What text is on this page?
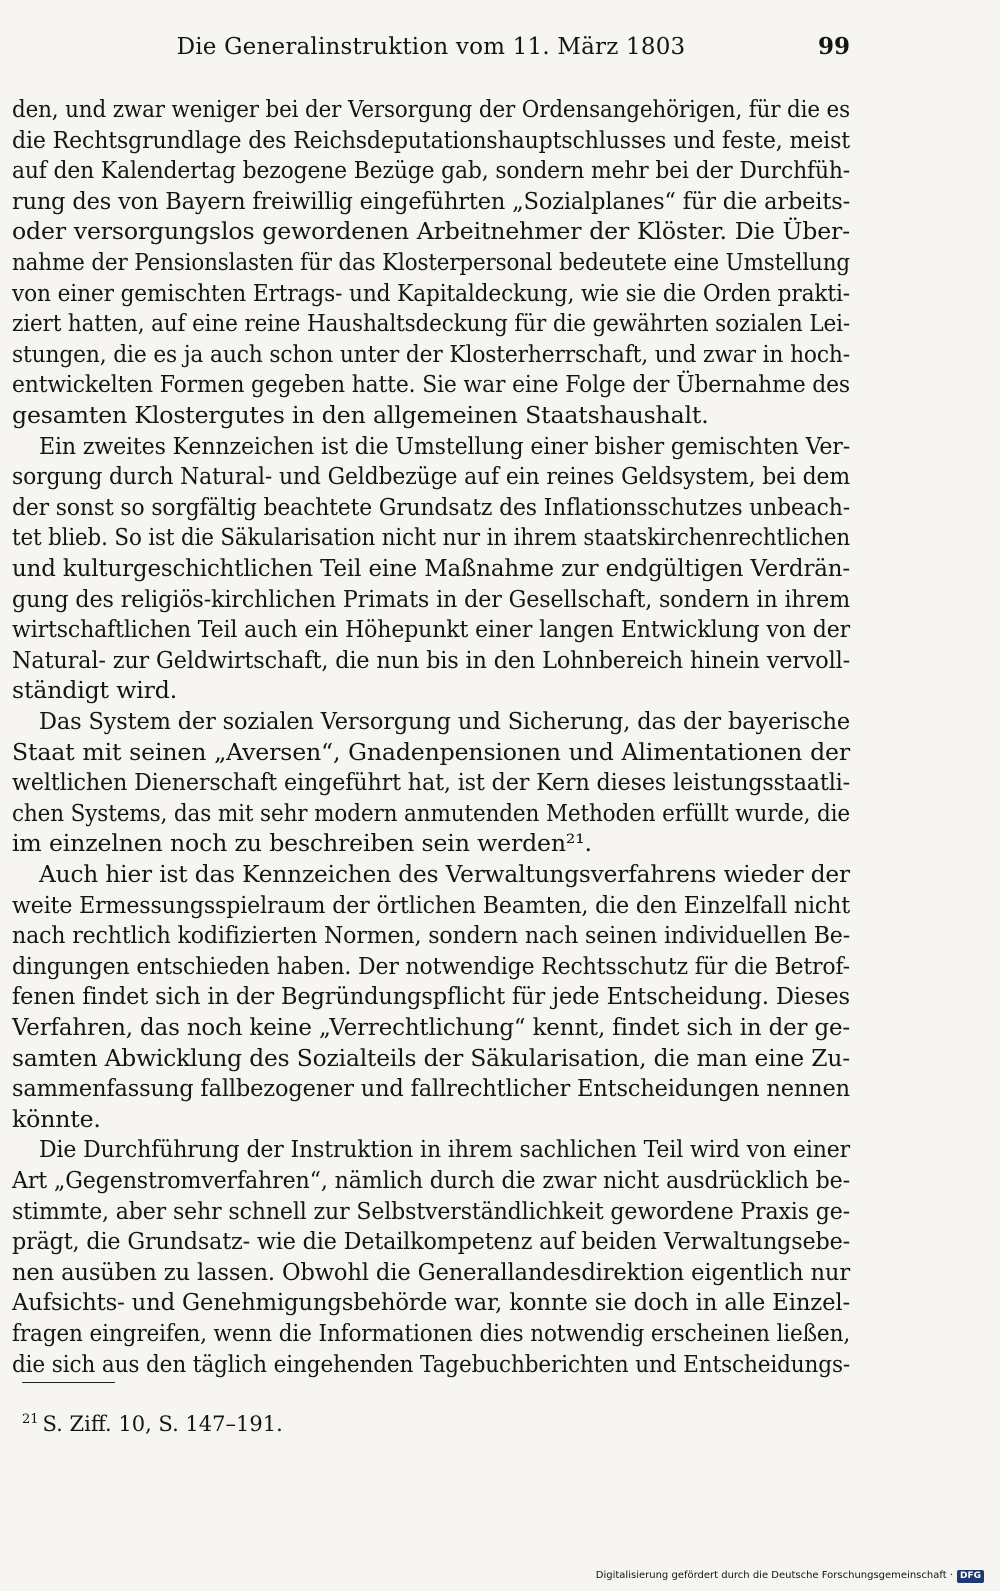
Die Generalinstruktion vom 11. März 1803	99
den, und zwar weniger bei der Versorgung der Ordensangehörigen, für die es
die Rechtsgrundlage des Reichsdeputationshauptschlusses und feste, meist
auf den Kalendertag bezogene Bezüge gab, sondern mehr bei der Durchfüh-
rung des von Bayern freiwillig eingeführten „Sozialplanes“ für die arbeits-
oder versorgungslos gewordenen Arbeitnehmer der Klöster. Die Über-
nahme der Pensionslasten für das Klosterpersonal bedeutete eine Umstellung
von einer gemischten Ertrags- und Kapitaldeckung, wie sie die Orden prakti-
ziert hatten, auf eine reine Haushaltsdeckung für die gewährten sozialen Lei-
stungen, die es ja auch schon unter der Klosterherrschaft, und zwar in hoch-
entwickelten Formen gegeben hatte. Sie war eine Folge der Übernahme des
gesamten Klostergutes in den allgemeinen Staatshaushalt.
Ein zweites Kennzeichen ist die Umstellung einer bisher gemischten Ver-
sorgung durch Natural- und Geldbezüge auf ein reines Geldsystem, bei dem
der sonst so sorgfältig beachtete Grundsatz des Inflationsschutzes unbeach-
tet blieb. So ist die Säkularisation nicht nur in ihrem staatskirchenrechtlichen
und kulturgeschichtlichen Teil eine Maßnahme zur endgültigen Verdrän-
gung des religiös-kirchlichen Primats in der Gesellschaft, sondern in ihrem
wirtschaftlichen Teil auch ein Höhepunkt einer langen Entwicklung von der
Natural- zur Geldwirtschaft, die nun bis in den Lohnbereich hinein vervoll-
ständigt wird.
Das System der sozialen Versorgung und Sicherung, das der bayerische
Staat mit seinen „Aversen“, Gnadenpensionen und Alimentationen der
weltlichen Dienerschaft eingeführt hat, ist der Kern dieses leistungsstaatli-
chen Systems, das mit sehr modern anmutenden Methoden erfüllt wurde, die
im einzelnen noch zu beschreiben sein werden²¹.
Auch hier ist das Kennzeichen des Verwaltungsverfahrens wieder der
weite Ermessungsspielraum der örtlichen Beamten, die den Einzelfall nicht
nach rechtlich kodifizierten Normen, sondern nach seinen individuellen Be-
dingungen entschieden haben. Der notwendige Rechtsschutz für die Betrof-
fenen findet sich in der Begründungspflicht für jede Entscheidung. Dieses
Verfahren, das noch keine „Verrechtlichung“ kennt, findet sich in der ge-
samten Abwicklung des Sozialteils der Säkularisation, die man eine Zu-
sammenfassung fallbezogener und fallrechtlicher Entscheidungen nennen
könnte.
Die Durchführung der Instruktion in ihrem sachlichen Teil wird von einer
Art „Gegenstromverfahren“, nämlich durch die zwar nicht ausdrücklich be-
stimmte, aber sehr schnell zur Selbstverständlichkeit gewordene Praxis ge-
prägt, die Grundsatz- wie die Detailkompetenz auf beiden Verwaltungsebe-
nen ausüben zu lassen. Obwohl die Generallandesdirektion eigentlich nur
Aufsichts- und Genehmigungsbehörde war, konnte sie doch in alle Einzel-
fragen eingreifen, wenn die Informationen dies notwendig erscheinen ließen,
die sich aus den täglich eingehenden Tagebuchberichten und Entscheidungs-
$^{21}$ S. Ziff. 10, S. 147–191.
Digitalisierung gefördert durch die Deutsche Forschungsgemeinschaft · DFG
